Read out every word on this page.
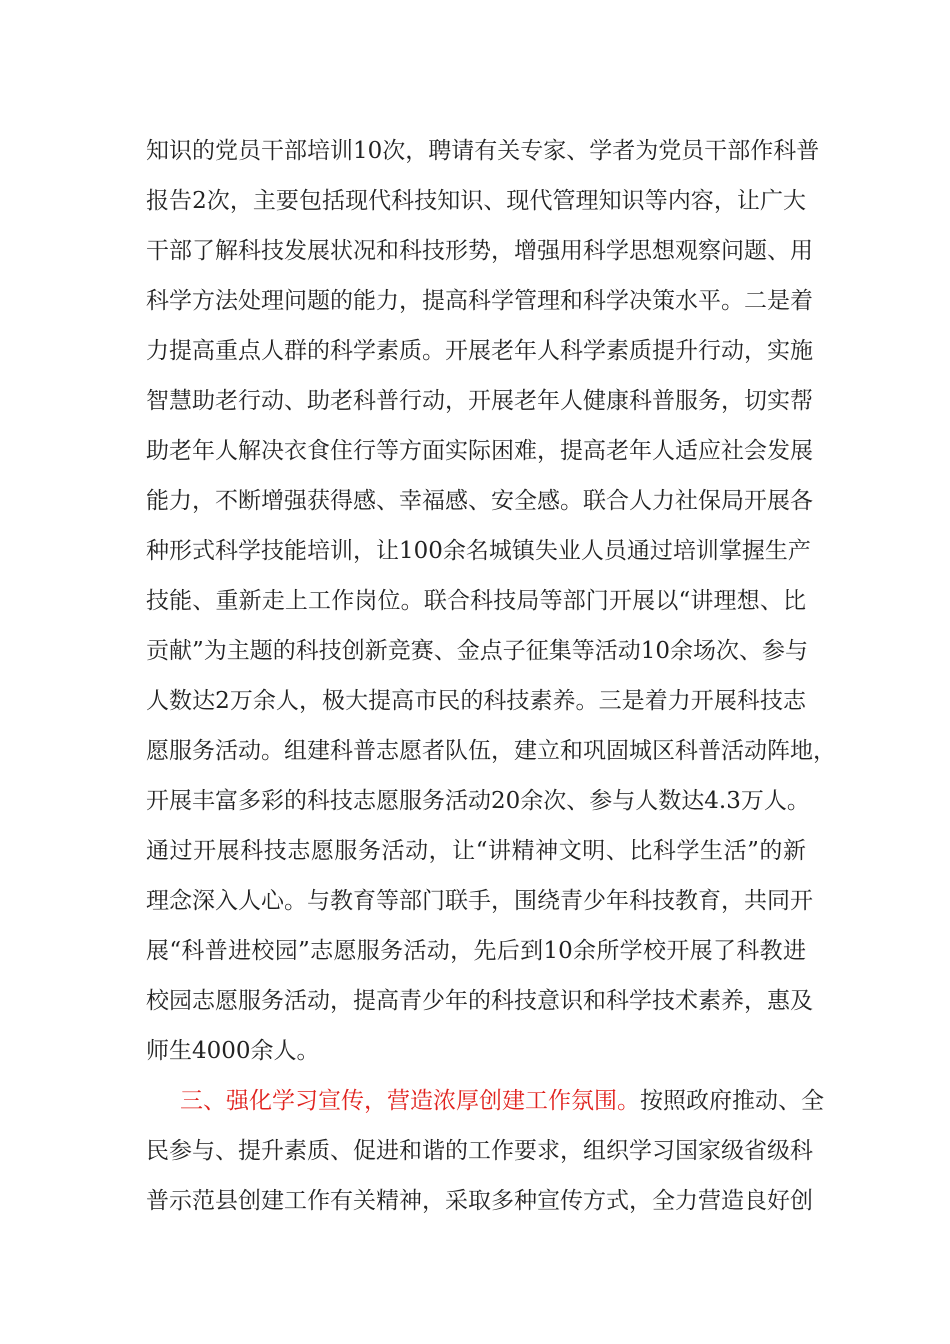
知识的党员干部培训10次，聘请有关专家、学者为党员干部作科普
报告2次，主要包括现代科技知识、现代管理知识等内容，让广大
干部了解科技发展状况和科技形势，增强用科学思想观察问题、用
科学方法处理问题的能力，提高科学管理和科学决策水平。二是着
力提高重点人群的科学素质。开展老年人科学素质提升行动，实施
智慧助老行动、助老科普行动，开展老年人健康科普服务，切实帮
助老年人解决衣食住行等方面实际困难，提高老年人适应社会发展
能力，不断增强获得感、幸福感、安全感。联合人力社保局开展各
种形式科学技能培训，让100余名城镇失业人员通过培训掌握生产
技能、重新走上工作岗位。联合科技局等部门开展以“讲理想、比
贡献”为主题的科技创新竞赛、金点子征集等活动10余场次、参与
人数达2万余人，极大提高市民的科技素养。三是着力开展科技志
愿服务活动。组建科普志愿者队伍，建立和巩固城区科普活动阵地，
开展丰富多彩的科技志愿服务活动20余次、参与人数达4.3万人。
通过开展科技志愿服务活动，让“讲精神文明、比科学生活”的新
理念深入人心。与教育等部门联手，围绕青少年科技教育，共同开
展“科普进校园”志愿服务活动，先后到10余所学校开展了科教进
校园志愿服务活动，提高青少年的科技意识和科学技术素养，惠及
师生4000余人。
三、强化学习宣传，营造浓厚创建工作氛围。按照政府推动、全
民参与、提升素质、促进和谐的工作要求，组织学习国家级省级科
普示范县创建工作有关精神，采取多种宣传方式，全力营造良好创
